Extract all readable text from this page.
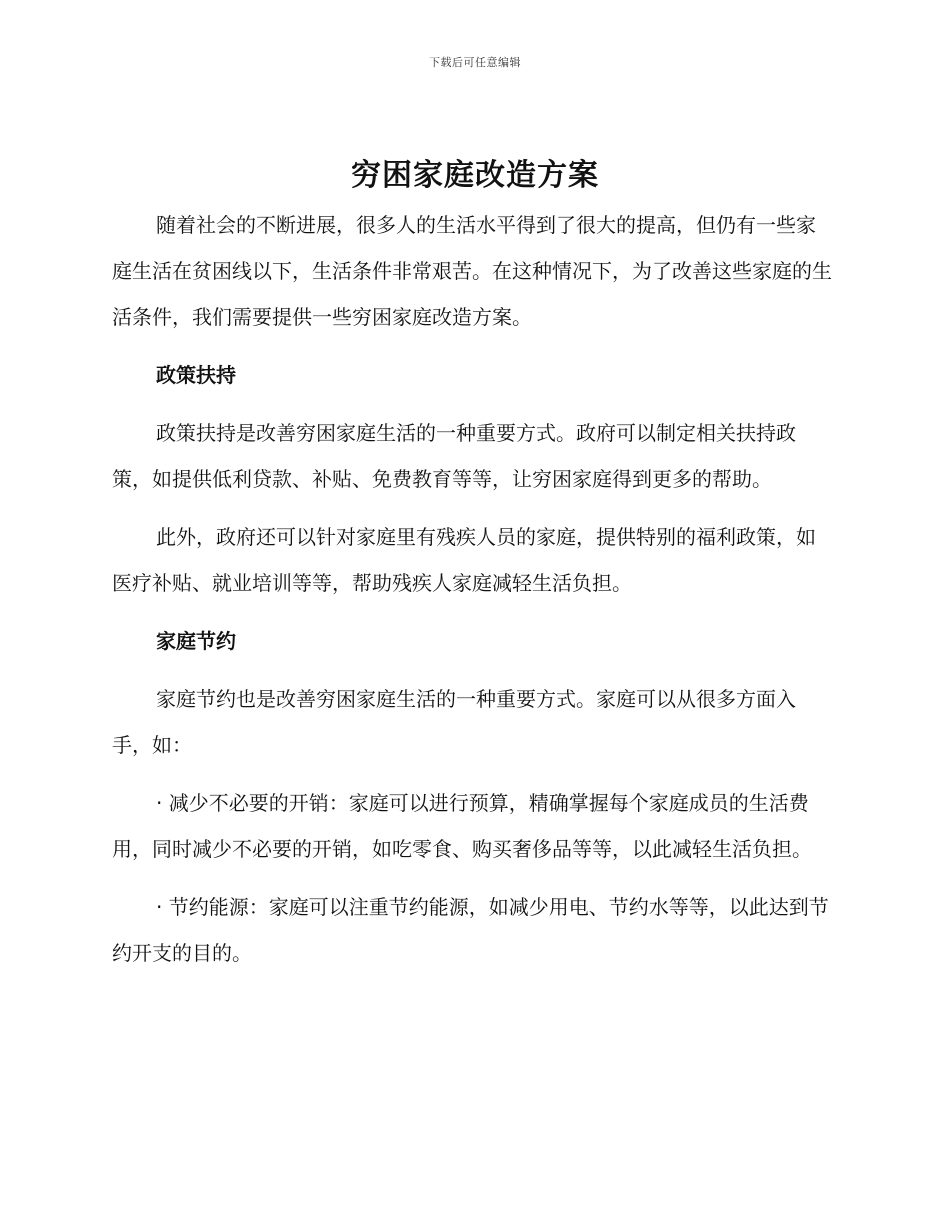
下载后可任意编辑
穷困家庭改造方案

随着社会的不断进展，很多人的生活水平得到了很大的提高，但仍有一些家庭生活在贫困线以下，生活条件非常艰苦。在这种情况下，为了改善这些家庭的生活条件，我们需要提供一些穷困家庭改造方案。

政策扶持

政策扶持是改善穷困家庭生活的一种重要方式。政府可以制定相关扶持政策，如提供低利贷款、补贴、免费教育等等，让穷困家庭得到更多的帮助。

此外，政府还可以针对家庭里有残疾人员的家庭，提供特别的福利政策，如医疗补贴、就业培训等等，帮助残疾人家庭减轻生活负担。

家庭节约

家庭节约也是改善穷困家庭生活的一种重要方式。家庭可以从很多方面入手，如：

· 减少不必要的开销：家庭可以进行预算，精确掌握每个家庭成员的生活费用，同时减少不必要的开销，如吃零食、购买奢侈品等等，以此减轻生活负担。

· 节约能源：家庭可以注重节约能源，如减少用电、节约水等等，以此达到节约开支的目的。
